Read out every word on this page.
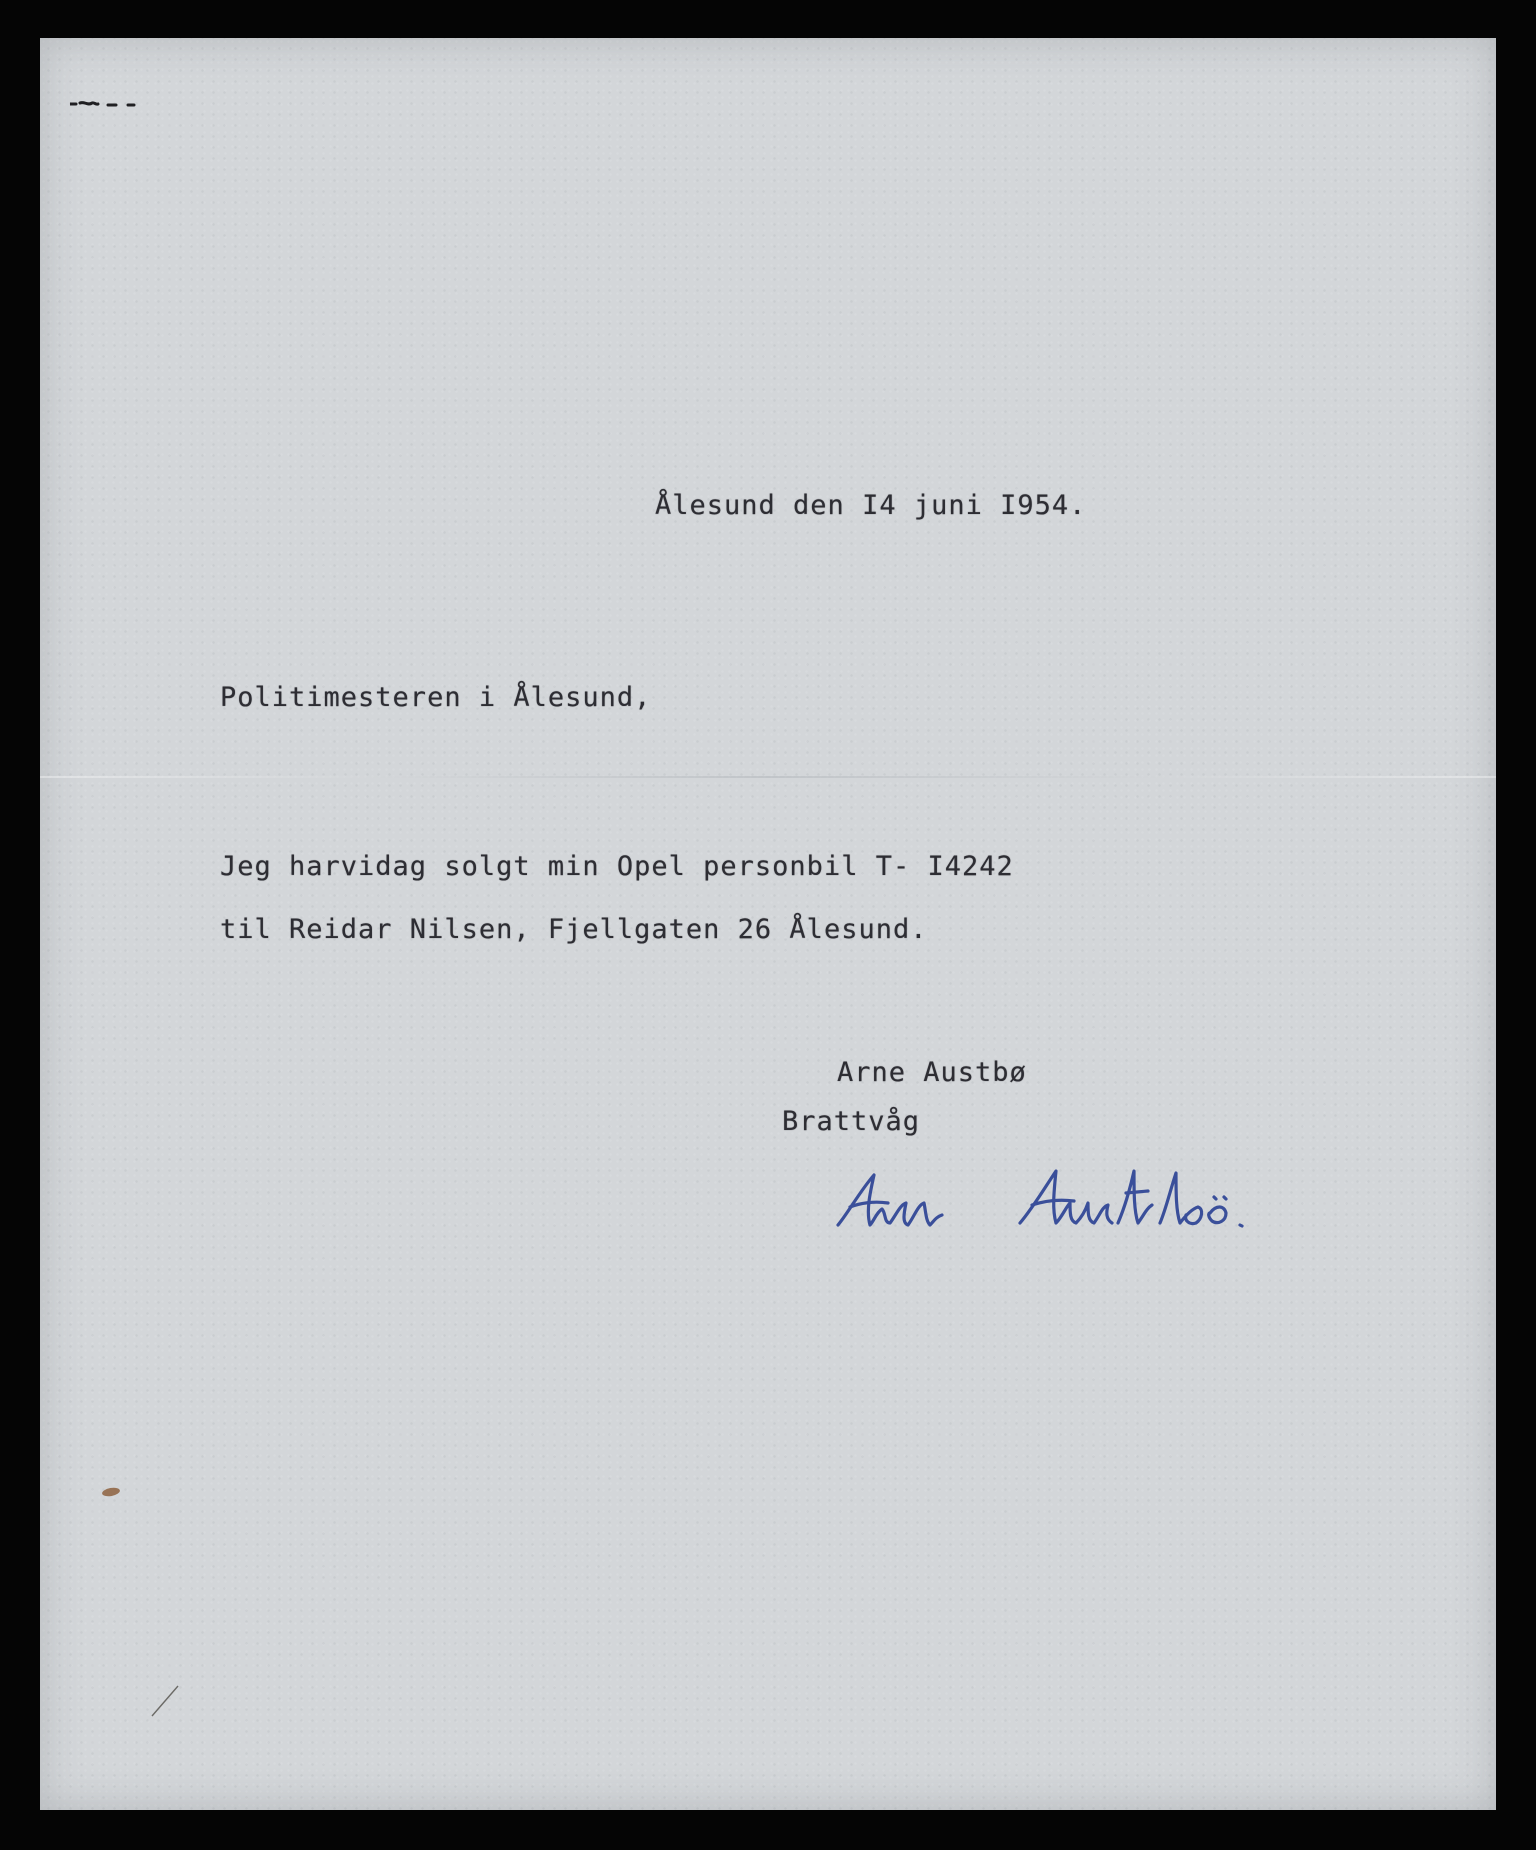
Ålesund den I4 juni I954.

Politimesteren i Ålesund,

Jeg harvidag solgt min Opel personbil T- I4242

til Reidar Nilsen, Fjellgaten 26 Ålesund.

Arne Austbø

Brattvåg
